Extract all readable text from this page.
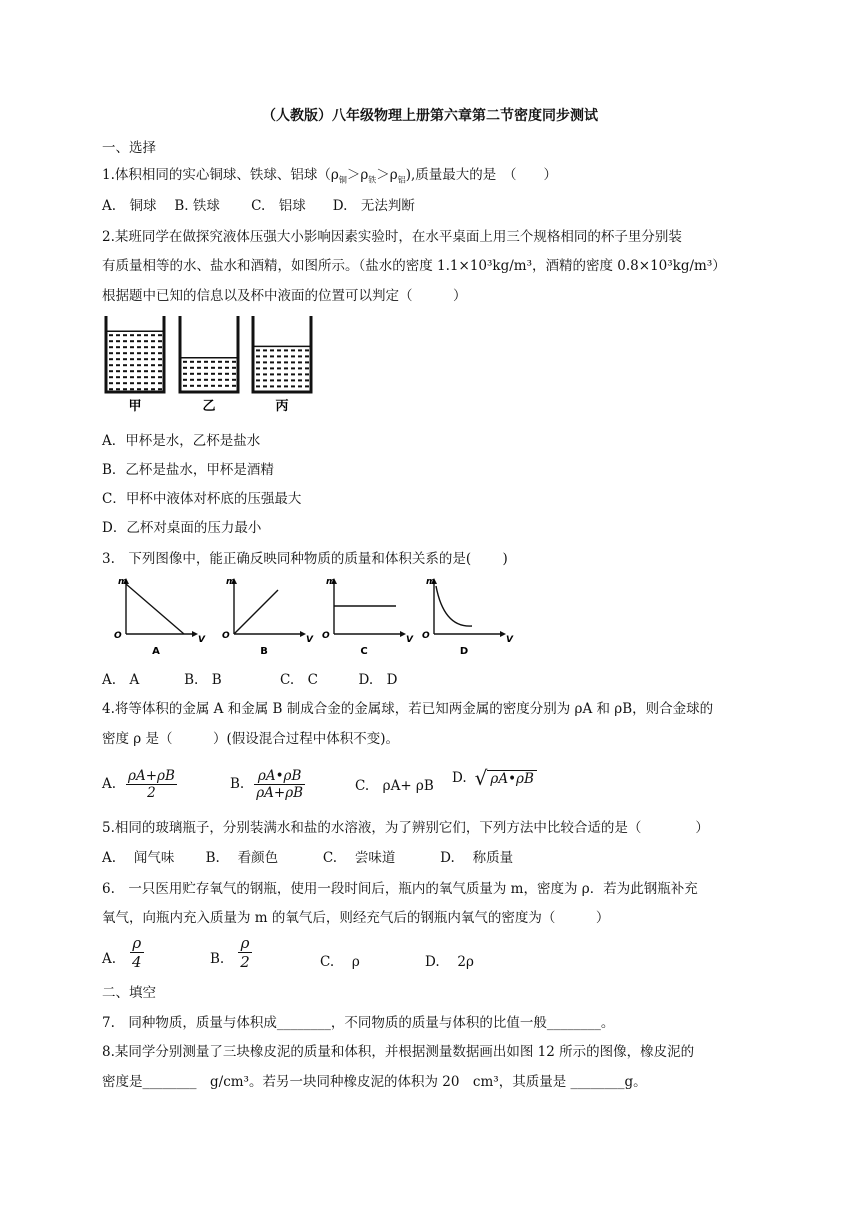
（人教版）八年级物理上册第六章第二节密度同步测试
一、选择
1.体积相同的实心铜球、铁球、铝球$(\rho_铜>\rho_铁>\rho_铝)$,质量最大的是　（　　）
A.　铜球　 B. 铁球　　 C.　铝球　　D.　无法判断
2.某班同学在做探究液体压强大小影响因素实验时，在水平桌面上用三个规格相同的杯子里分别装
有质量相等的水、盐水和酒精，如图所示。（盐水的密度 1.1×10³kg/m³，酒精的密度 0.8×10³kg/m³）
根据题中已知的信息以及杯中液面的位置可以判定（　　　）
甲	乙	丙
A．甲杯是水，乙杯是盐水
B．乙杯是盐水，甲杯是酒精
C．甲杯中液体对杯底的压强最大
D．乙杯对桌面的压力最小
3.　下列图像中，能正确反映同种物质的质量和体积关系的是(　　 )
m
V
O
A
m
V
O
B
m
V
O
C
m
V
O
D
A.　A　　　 B.　B　　　　 C.　C　　　D.　D
4.将等体积的金属 A 和金属 B 制成合金的金属球，若已知两金属的密度分别为 ρA 和 ρB，则合金球的
密度 ρ 是（　　　）(假设混合过程中体积不变)。
A. $\frac{\rho A+\rho B}{2}$	B. $\frac{\rho A•\rho B}{\rho A+\rho B}$	C.　ρA+ ρB D. √ ρA•ρB
5.相同的玻璃瓶子，分别装满水和盐的水溶液，为了辨别它们，下列方法中比较合适的是（　　　　）
A.　 闻气味　　 B.　 看颜色　　　 C.　 尝味道　　　 D.　 称质量
6.　一只医用贮存氧气的钢瓶，使用一段时间后，瓶内的氧气质量为 m，密度为 ρ．若为此钢瓶补充
氧气，向瓶内充入质量为 m 的氧气后，则经充气后的钢瓶内氧气的密度为（　　　）
A. $\frac{\rho}{4}$	B. $\frac{\rho}{2}$	C.　 ρ	D.　 2ρ
二、填空
7.　同种物质，质量与体积成________，不同物质的质量与体积的比值一般________。
8.某同学分别测量了三块橡皮泥的质量和体积，并根据测量数据画出如图 12 所示的图像，橡皮泥的
密度是________　g/cm³。若另一块同种橡皮泥的体积为 20　cm³，其质量是 ________g。
